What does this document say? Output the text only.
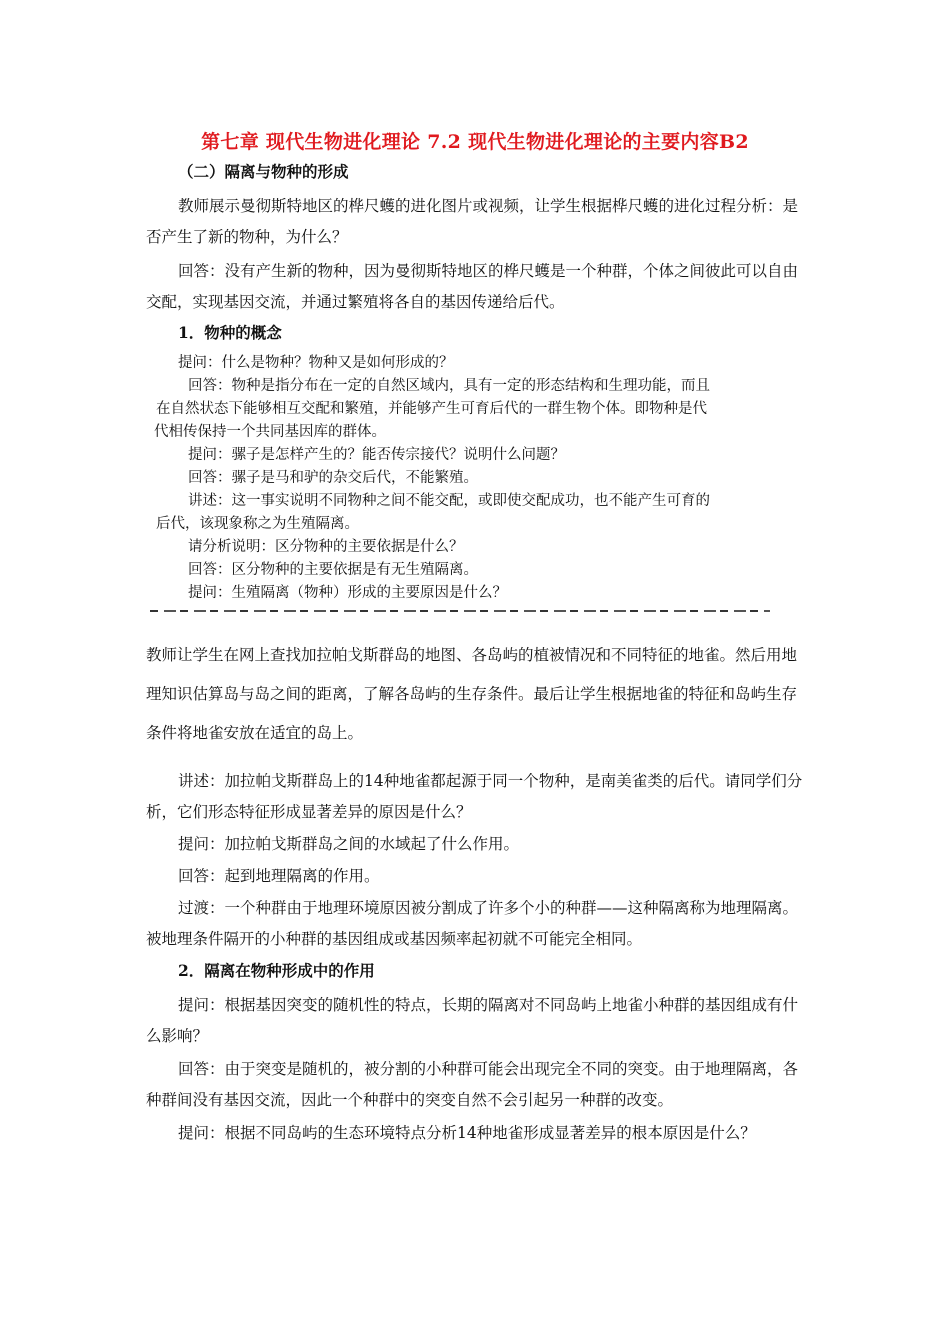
第七章 现代生物进化理论 7.2 现代生物进化理论的主要内容B2
（二）隔离与物种的形成

教师展示曼彻斯特地区的桦尺蠖的进化图片或视频，让学生根据桦尺蠖的进化过程分析：是否产生了新的物种，为什么？

回答：没有产生新的物种，因为曼彻斯特地区的桦尺蠖是一个种群，个体之间彼此可以自由交配，实现基因交流，并通过繁殖将各自的基因传递给后代。

1．物种的概念
提问：什么是物种？物种又是如何形成的？
回答：物种是指分布在一定的自然区域内，具有一定的形态结构和生理功能，而且
在自然状态下能够相互交配和繁殖，并能够产生可育后代的一群生物个体。即物种是代
代相传保持一个共同基因库的群体。
提问：骡子是怎样产生的？能否传宗接代？说明什么问题？
回答：骡子是马和驴的杂交后代，不能繁殖。
讲述：这一事实说明不同物种之间不能交配，或即使交配成功，也不能产生可育的
后代，该现象称之为生殖隔离。
请分析说明：区分物种的主要依据是什么？
回答：区分物种的主要依据是有无生殖隔离。
提问：生殖隔离（物种）形成的主要原因是什么？

教师让学生在网上查找加拉帕戈斯群岛的地图、各岛屿的植被情况和不同特征的地雀。然后用地理知识估算岛与岛之间的距离，了解各岛屿的生存条件。最后让学生根据地雀的特征和岛屿生存条件将地雀安放在适宜的岛上。

讲述：加拉帕戈斯群岛上的14种地雀都起源于同一个物种，是南美雀类的后代。请同学们分析，它们形态特征形成显著差异的原因是什么？

提问：加拉帕戈斯群岛之间的水域起了什么作用。

回答：起到地理隔离的作用。

过渡：一个种群由于地理环境原因被分割成了许多个小的种群——这种隔离称为地理隔离。被地理条件隔开的小种群的基因组成或基因频率起初就不可能完全相同。

2．隔离在物种形成中的作用

提问：根据基因突变的随机性的特点，长期的隔离对不同岛屿上地雀小种群的基因组成有什么影响？

回答：由于突变是随机的，被分割的小种群可能会出现完全不同的突变。由于地理隔离，各种群间没有基因交流，因此一个种群中的突变自然不会引起另一种群的改变。

提问：根据不同岛屿的生态环境特点分析14种地雀形成显著差异的根本原因是什么？
